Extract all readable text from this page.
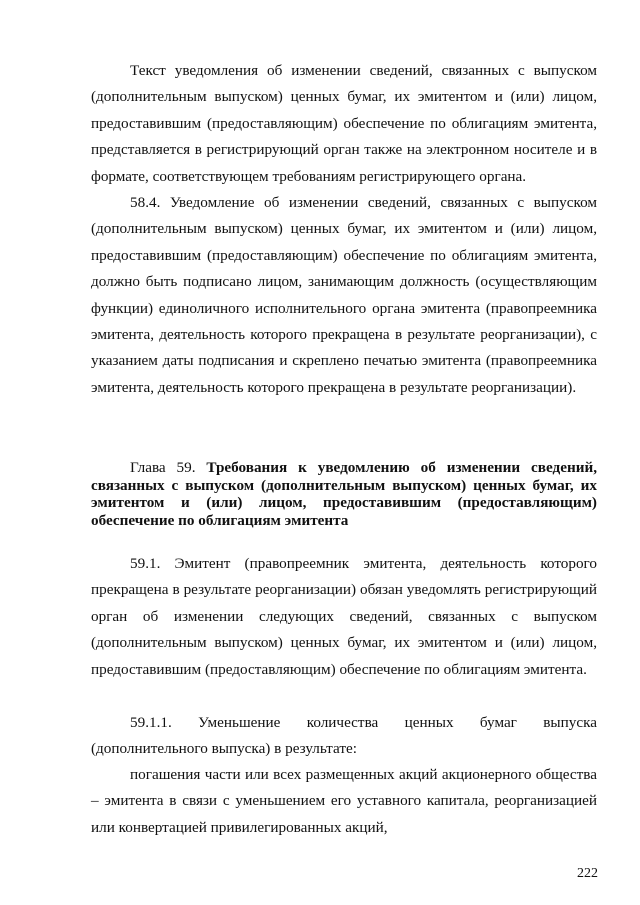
Текст уведомления об изменении сведений, связанных с выпуском (дополнительным выпуском) ценных бумаг, их эмитентом и (или) лицом, предоставившим (предоставляющим) обеспечение по облигациям эмитента, представляется в регистрирующий орган также на электронном носителе и в формате, соответствующем требованиям регистрирующего органа.

58.4. Уведомление об изменении сведений, связанных с выпуском (дополнительным выпуском) ценных бумаг, их эмитентом и (или) лицом, предоставившим (предоставляющим) обеспечение по облигациям эмитента, должно быть подписано лицом, занимающим должность (осуществляющим функции) единоличного исполнительного органа эмитента (правопреемника эмитента, деятельность которого прекращена в результате реорганизации), с указанием даты подписания и скреплено печатью эмитента (правопреемника эмитента, деятельность которого прекращена в результате реорганизации).

Глава 59. Требования к уведомлению об изменении сведений, связанных с выпуском (дополнительным выпуском) ценных бумаг, их эмитентом и (или) лицом, предоставившим (предоставляющим) обеспечение по облигациям эмитента

59.1. Эмитент (правопреемник эмитента, деятельность которого прекращена в результате реорганизации) обязан уведомлять регистрирующий орган об изменении следующих сведений, связанных с выпуском (дополнительным выпуском) ценных бумаг, их эмитентом и (или) лицом, предоставившим (предоставляющим) обеспечение по облигациям эмитента.

59.1.1. Уменьшение количества ценных бумаг выпуска (дополнительного выпуска) в результате:

погашения части или всех размещенных акций акционерного общества – эмитента в связи с уменьшением его уставного капитала, реорганизацией или конвертацией привилегированных акций,

222
